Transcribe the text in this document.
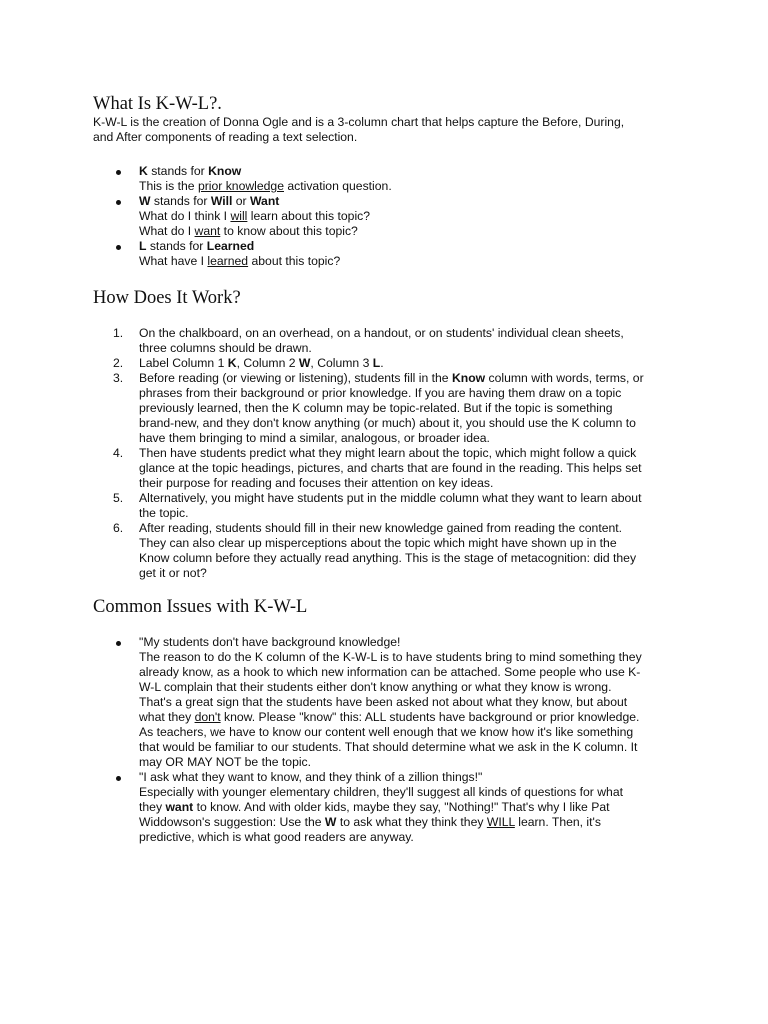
What Is K-W-L?.
K-W-L is the creation of Donna Ogle and is a 3-column chart that helps capture the Before, During,
and After components of reading a text selection.
K stands for Know
This is the prior knowledge activation question.
W stands for Will or Want
What do I think I will learn about this topic?
What do I want to know about this topic?
L stands for Learned
What have I learned about this topic?
How Does It Work?
1. On the chalkboard, on an overhead, on a handout, or on students' individual clean sheets,
three columns should be drawn.
2. Label Column 1 K, Column 2 W, Column 3 L.
3. Before reading (or viewing or listening), students fill in the Know column with words, terms, or
phrases from their background or prior knowledge. If you are having them draw on a topic
previously learned, then the K column may be topic-related. But if the topic is something
brand-new, and they don't know anything (or much) about it, you should use the K column to
have them bringing to mind a similar, analogous, or broader idea.
4. Then have students predict what they might learn about the topic, which might follow a quick
glance at the topic headings, pictures, and charts that are found in the reading. This helps set
their purpose for reading and focuses their attention on key ideas.
5. Alternatively, you might have students put in the middle column what they want to learn about
the topic.
6. After reading, students should fill in their new knowledge gained from reading the content.
They can also clear up misperceptions about the topic which might have shown up in the
Know column before they actually read anything. This is the stage of metacognition: did they
get it or not?
Common Issues with K-W-L
"My students don't have background knowledge!
The reason to do the K column of the K-W-L is to have students bring to mind something they
already know, as a hook to which new information can be attached. Some people who use K-
W-L complain that their students either don't know anything or what they know is wrong.
That's a great sign that the students have been asked not about what they know, but about
what they don't know. Please "know" this: ALL students have background or prior knowledge.
As teachers, we have to know our content well enough that we know how it's like something
that would be familiar to our students. That should determine what we ask in the K column. It
may OR MAY NOT be the topic.
"I ask what they want to know, and they think of a zillion things!"
Especially with younger elementary children, they'll suggest all kinds of questions for what
they want to know. And with older kids, maybe they say, "Nothing!" That's why I like Pat
Widdowson's suggestion: Use the W to ask what they think they WILL learn. Then, it's
predictive, which is what good readers are anyway.
